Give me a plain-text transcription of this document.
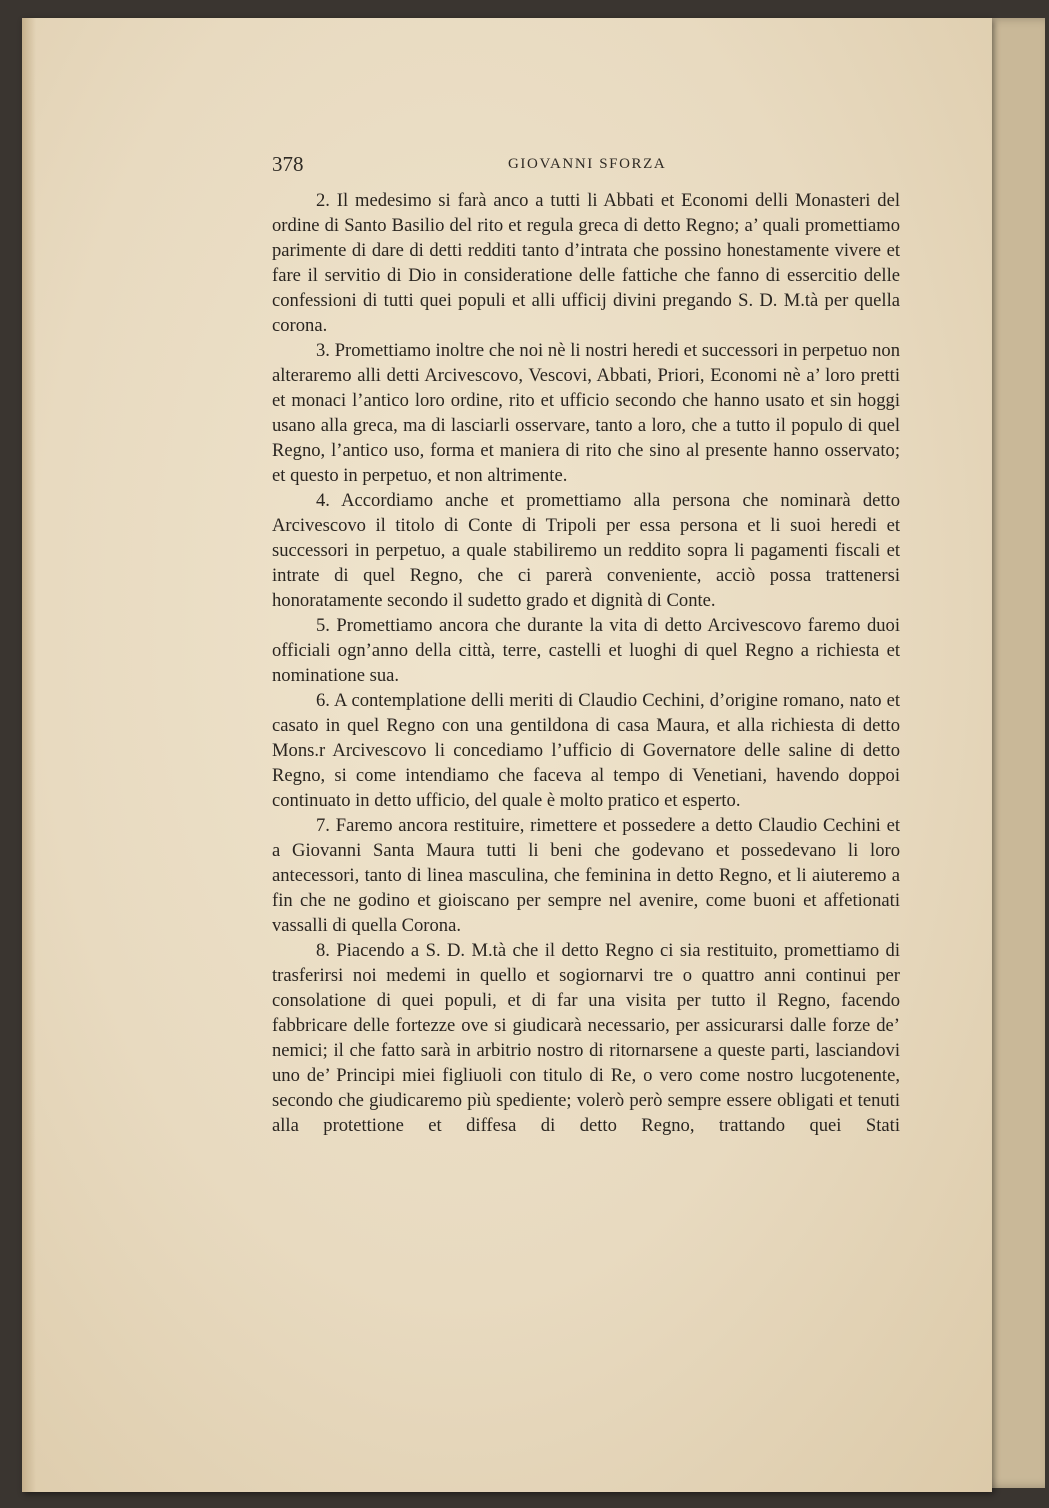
378	GIOVANNI SFORZA

2. Il medesimo si farà anco a tutti li Abbati et Economi delli Monasteri del ordine di Santo Basilio del rito et regula greca di detto Regno; a’ quali promettiamo parimente di dare di detti redditi tanto d’intrata che possino honestamente vivere et fare il servitio di Dio in consideratione delle fattiche che fanno di essercitio delle confessioni di tutti quei populi et alli ufficij divini pregando S. D. M.tà per quella corona.

3. Promettiamo inoltre che noi nè li nostri heredi et successori in perpetuo non alteraremo alli detti Arcivescovo, Vescovi, Abbati, Priori, Economi nè a’ loro pretti et monaci l’antico loro ordine, rito et ufficio secondo che hanno usato et sin hoggi usano alla greca, ma di lasciarli osservare, tanto a loro, che a tutto il populo di quel Regno, l’antico uso, forma et maniera di rito che sino al presente hanno osservato; et questo in perpetuo, et non altrimente.

4. Accordiamo anche et promettiamo alla persona che nominarà detto Arcivescovo il titolo di Conte di Tripoli per essa persona et li suoi heredi et successori in perpetuo, a quale stabiliremo un reddito sopra li pagamenti fiscali et intrate di quel Regno, che ci parerà conveniente, acciò possa trattenersi honoratamente secondo il sudetto grado et dignità di Conte.

5. Promettiamo ancora che durante la vita di detto Arcivescovo faremo duoi officiali ogn’anno della città, terre, castelli et luoghi di quel Regno a richiesta et nominatione sua.

6. A contemplatione delli meriti di Claudio Cechini, d’origine romano, nato et casato in quel Regno con una gentildona di casa Maura, et alla richiesta di detto Mons.r Arcivescovo li concediamo l’ufficio di Governatore delle saline di detto Regno, si come intendiamo che faceva al tempo di Venetiani, havendo doppoi continuato in detto ufficio, del quale è molto pratico et esperto.

7. Faremo ancora restituire, rimettere et possedere a detto Claudio Cechini et a Giovanni Santa Maura tutti li beni che godevano et possedevano li loro antecessori, tanto di linea masculina, che feminina in detto Regno, et li aiuteremo a fin che ne godino et gioiscano per sempre nel avenire, come buoni et affetionati vassalli di quella Corona.

8. Piacendo a S. D. M.tà che il detto Regno ci sia restituito, promettiamo di trasferirsi noi medemi in quello et sogiornarvi tre o quattro anni continui per consolatione di quei populi, et di far una visita per tutto il Regno, facendo fabbricare delle fortezze ove si giudicarà necessario, per assicurarsi dalle forze de’ nemici; il che fatto sarà in arbitrio nostro di ritornarsene a queste parti, lasciandovi uno de’ Principi miei figliuoli con titulo di Re, o vero come nostro lucgotenente, secondo che giudicaremo più spediente; volerò però sempre essere obligati et tenuti alla protettione et diffesa di detto Regno, trattando quei Stati
